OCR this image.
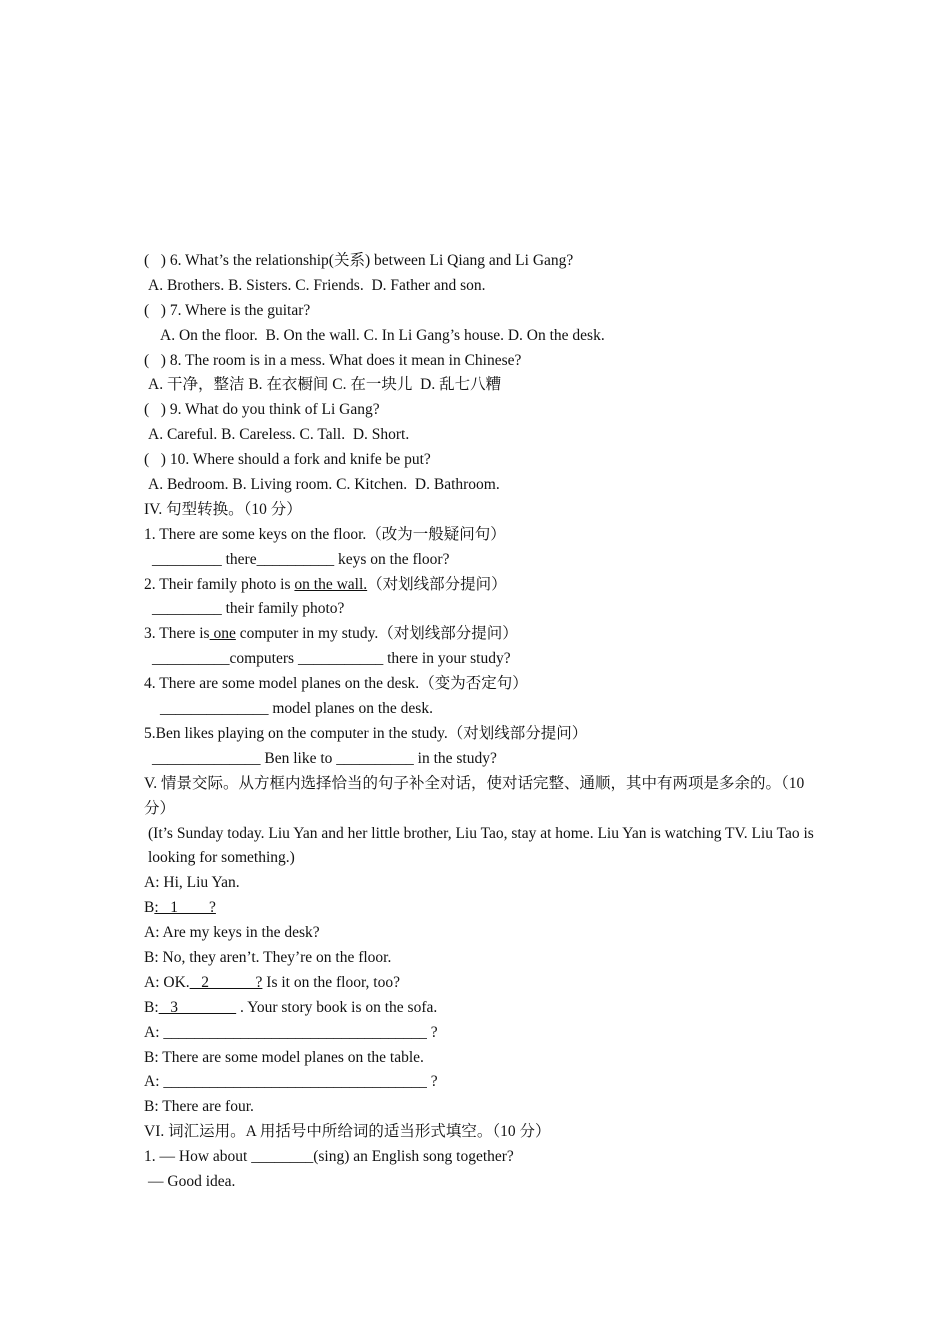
(   ) 6. What’s the relationship(关系) between Li Qiang and Li Gang?
A. Brothers. B. Sisters. C. Friends.  D. Father and son.
(   ) 7. Where is the guitar?
A. On the floor.  B. On the wall. C. In Li Gang’s house. D. On the desk.
(   ) 8. The room is in a mess. What does it mean in Chinese?
A. 干净，整洁 B. 在衣橱间 C. 在一块儿  D. 乱七八糟
(   ) 9. What do you think of Li Gang?
A. Careful. B. Careless. C. Tall.  D. Short.
(   ) 10. Where should a fork and knife be put?
A. Bedroom. B. Living room. C. Kitchen.  D. Bathroom.
IV. 句型转换。（10 分）
1. There are some keys on the floor.（改为一般疑问句）
_________ there__________ keys on the floor?
2. Their family photo is on the wall.（对划线部分提问）
_________ their family photo?
3. There is one computer in my study.（对划线部分提问）
__________computers ___________ there in your study?
4. There are some model planes on the desk.（变为否定句）
______________ model planes on the desk.
5.Ben likes playing on the computer in the study.（对划线部分提问）
______________ Ben like to __________ in the study?
V. 情景交际。从方框内选择恰当的句子补全对话，使对话完整、通顺，其中有两项是多余的。（10 分）
(It’s Sunday today. Liu Yan and her little brother, Liu Tao, stay at home. Liu Yan is watching TV. Liu Tao is looking for something.)
A: Hi, Liu Yan.
B:   1        ?
A: Are my keys in the desk?
B: No, they aren’t. They’re on the floor.
A: OK.   2            ? Is it on the floor, too?
B:   3                . Your story book is on the sofa.
A: __________________________________ ?
B: There are some model planes on the table.
A: __________________________________ ?
B: There are four.
VI. 词汇运用。A 用括号中所给词的适当形式填空。（10 分）
1. — How about ________(sing) an English song together?
— Good idea.
